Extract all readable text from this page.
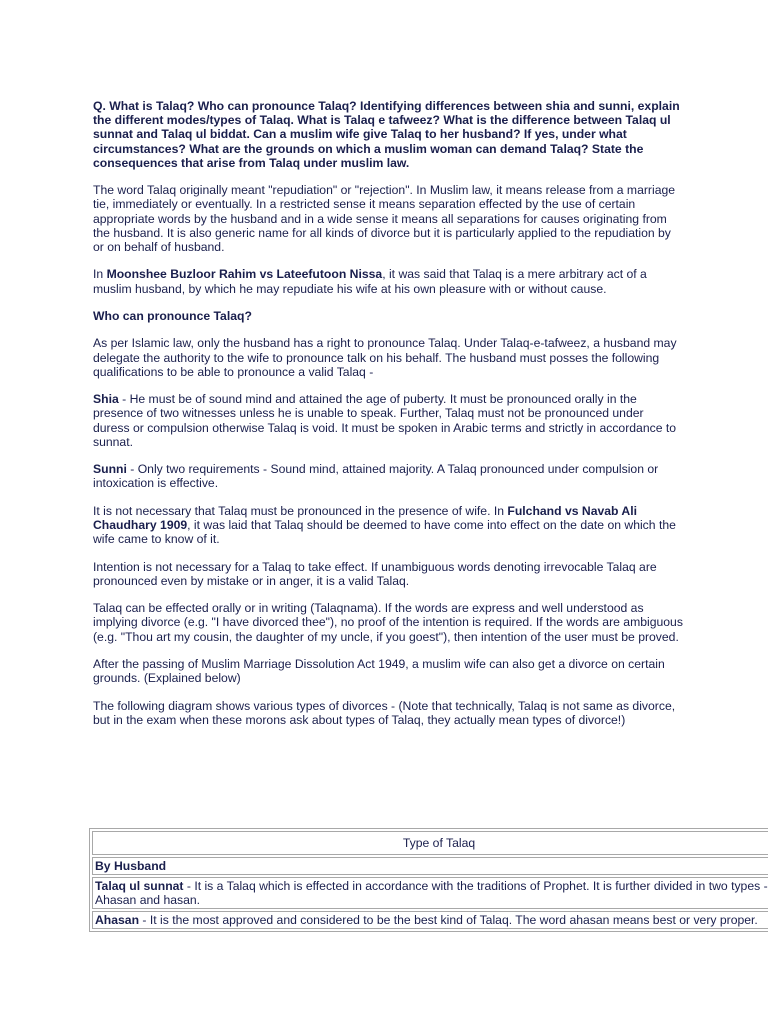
Q. What is Talaq? Who can pronounce Talaq? Identifying differences between shia and sunni, explain the different modes/types of Talaq. What is Talaq e tafweez? What is the difference between Talaq ul sunnat and Talaq ul biddat. Can a muslim wife give Talaq to her husband? If yes, under what circumstances? What are the grounds on which a muslim woman can demand Talaq? State the consequences that arise from Talaq under muslim law.

The word Talaq originally meant "repudiation" or "rejection". In Muslim law, it means release from a marriage tie, immediately or eventually. In a restricted sense it means separation effected by the use of certain appropriate words by the husband and in a wide sense it means all separations for causes originating from the husband. It is also generic name for all kinds of divorce but it is particularly applied to the repudiation by or on behalf of husband.

In Moonshee Buzloor Rahim vs Lateefutoon Nissa, it was said that Talaq is a mere arbitrary act of a muslim husband, by which he may repudiate his wife at his own pleasure with or without cause.

Who can pronounce Talaq?

As per Islamic law, only the husband has a right to pronounce Talaq. Under Talaq-e-tafweez, a husband may delegate the authority to the wife to pronounce talk on his behalf. The husband must posses the following qualifications to be able to pronounce a valid Talaq -

Shia - He must be of sound mind and attained the age of puberty. It must be pronounced orally in the presence of two witnesses unless he is unable to speak. Further, Talaq must not be pronounced under duress or compulsion otherwise Talaq is void. It must be spoken in Arabic terms and strictly in accordance to sunnat.

Sunni - Only two requirements - Sound mind, attained majority. A Talaq pronounced under compulsion or intoxication is effective.

It is not necessary that Talaq must be pronounced in the presence of wife. In Fulchand vs Navab Ali Chaudhary 1909, it was laid that Talaq should be deemed to have come into effect on the date on which the wife came to know of it.

Intention is not necessary for a Talaq to take effect. If unambiguous words denoting irrevocable Talaq are pronounced even by mistake or in anger, it is a valid Talaq.

Talaq can be effected orally or in writing (Talaqnama). If the words are express and well understood as implying divorce (e.g. "I have divorced thee"), no proof of the intention is required. If the words are ambiguous (e.g. "Thou art my cousin, the daughter of my uncle, if you goest"), then intention of the user must be proved.

After the passing of Muslim Marriage Dissolution Act 1949, a muslim wife can also get a divorce on certain grounds. (Explained below)

The following diagram shows various types of divorces - (Note that technically, Talaq is not same as divorce, but in the exam when these morons ask about types of Talaq, they actually mean types of divorce!)

Type of Talaq
By Husband
Talaq ul sunnat - It is a Talaq which is effected in accordance with the traditions of Prophet. It is further divided in two types - Ahasan and hasan.
Ahasan - It is the most approved and considered to be the best kind of Talaq. The word ahasan means best or very proper.
